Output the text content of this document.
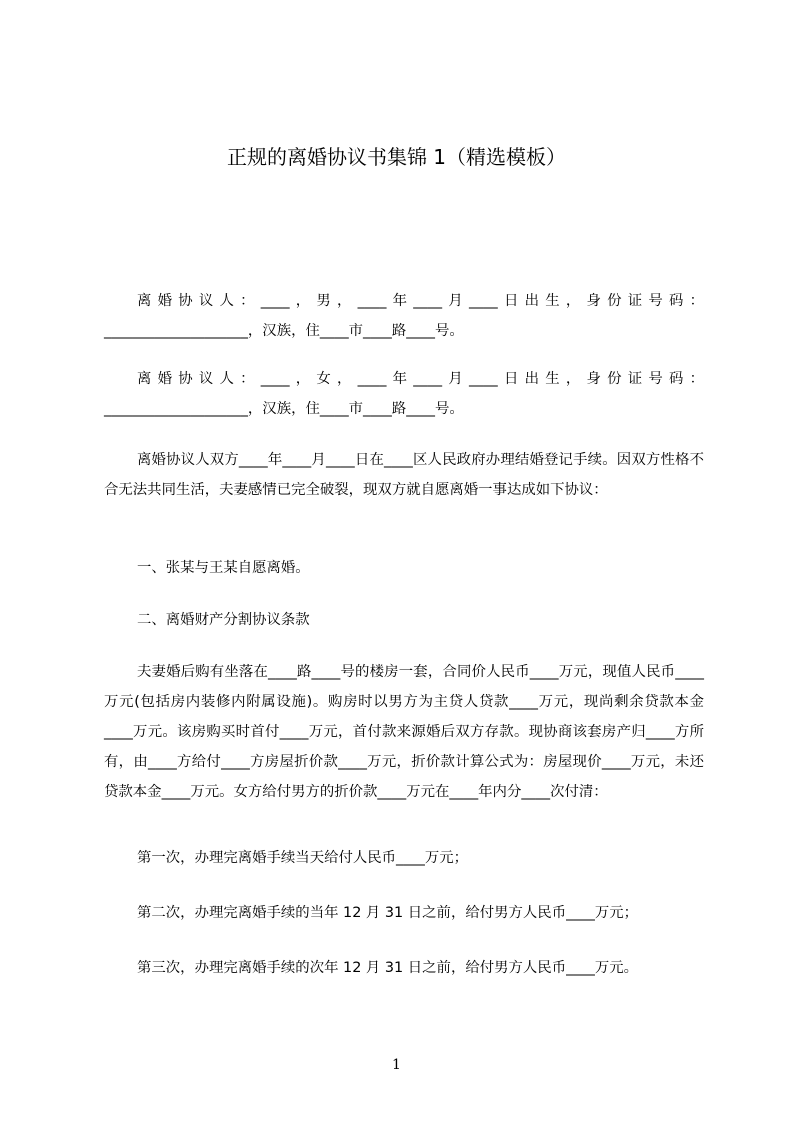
正规的离婚协议书集锦 1（精选模板）

离婚协议人：____，男，____年____月____日出生，身份证号码：____________________，汉族，住____市____路____号。

离婚协议人：____，女，____年____月____日出生，身份证号码：____________________，汉族，住____市____路____号。

离婚协议人双方____年____月____日在____区人民政府办理结婚登记手续。因双方性格不合无法共同生活，夫妻感情已完全破裂，现双方就自愿离婚一事达成如下协议：

一、张某与王某自愿离婚。

二、离婚财产分割协议条款

夫妻婚后购有坐落在____路____号的楼房一套，合同价人民币____万元，现值人民币____万元(包括房内装修内附属设施)。购房时以男方为主贷人贷款____万元，现尚剩余贷款本金____万元。该房购买时首付____万元，首付款来源婚后双方存款。现协商该套房产归____方所有，由____方给付____方房屋折价款____万元，折价款计算公式为：房屋现价____万元，未还贷款本金____万元。女方给付男方的折价款____万元在____年内分____次付清：

第一次，办理完离婚手续当天给付人民币____万元；

第二次，办理完离婚手续的当年 12 月 31 日之前，给付男方人民币____万元；

第三次，办理完离婚手续的次年 12 月 31 日之前，给付男方人民币____万元。

1
